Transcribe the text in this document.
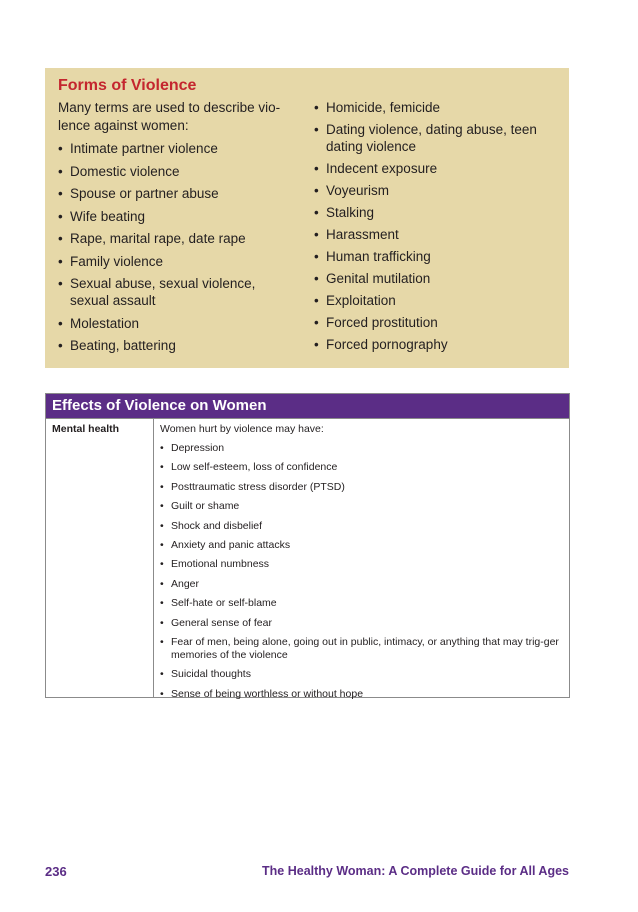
Forms of Violence
Many terms are used to describe vio-lence against women:
• Intimate partner violence
• Domestic violence
• Spouse or partner abuse
• Wife beating
• Rape, marital rape, date rape
• Family violence
• Sexual abuse, sexual violence, sexual assault
• Molestation
• Beating, battering
• Homicide, femicide
• Dating violence, dating abuse, teen dating violence
• Indecent exposure
• Voyeurism
• Stalking
• Harassment
• Human trafficking
• Genital mutilation
• Exploitation
• Forced prostitution
• Forced pornography
Effects of Violence on Women
Mental health	Women hurt by violence may have:
• Depression
• Low self-esteem, loss of confidence
• Posttraumatic stress disorder (PTSD)
• Guilt or shame
• Shock and disbelief
• Anxiety and panic attacks
• Emotional numbness
• Anger
• Self-hate or self-blame
• General sense of fear
• Fear of men, being alone, going out in public, intimacy, or anything that may trig-ger memories of the violence
• Suicidal thoughts
• Sense of being worthless or without hope
236	The Healthy Woman: A Complete Guide for All Ages
